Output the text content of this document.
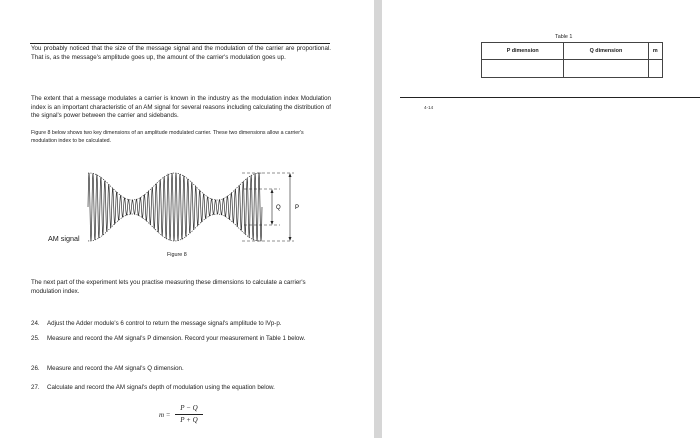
You probably noticed that the size of the message signal and the modulation of the carrier are proportional. That is, as the message's amplitude goes up, the amount of the carrier's modulation goes up.

The extent that a message modulates a carrier is known in the industry as the modulation index Modulation index is an important characteristic of an AM signal for several reasons including calculating the distribution of the signal's power between the carrier and sidebands.

Figure 8 below shows two key dimensions of an amplitude modulated carrier. These two dimensions allow a carrier's modulation index to be calculated.

AM signal
Q P
Figure 8

The next part of the experiment lets you practise measuring these dimensions to calculate a carrier's modulation index.

24.	Adjust the Adder module's 6 control to return the message signal's amplitude to lVp-p.
25.	Measure and record the AM signal's P dimension. Record your measurement in Table 1 below.
26.	Measure and record the AM signal's Q dimension.
27.	Calculate and record the AM signal's depth of modulation using the equation below.
m =
P − Q
P + Q
Table 1
P dimension	Q dimension	m

4-14
